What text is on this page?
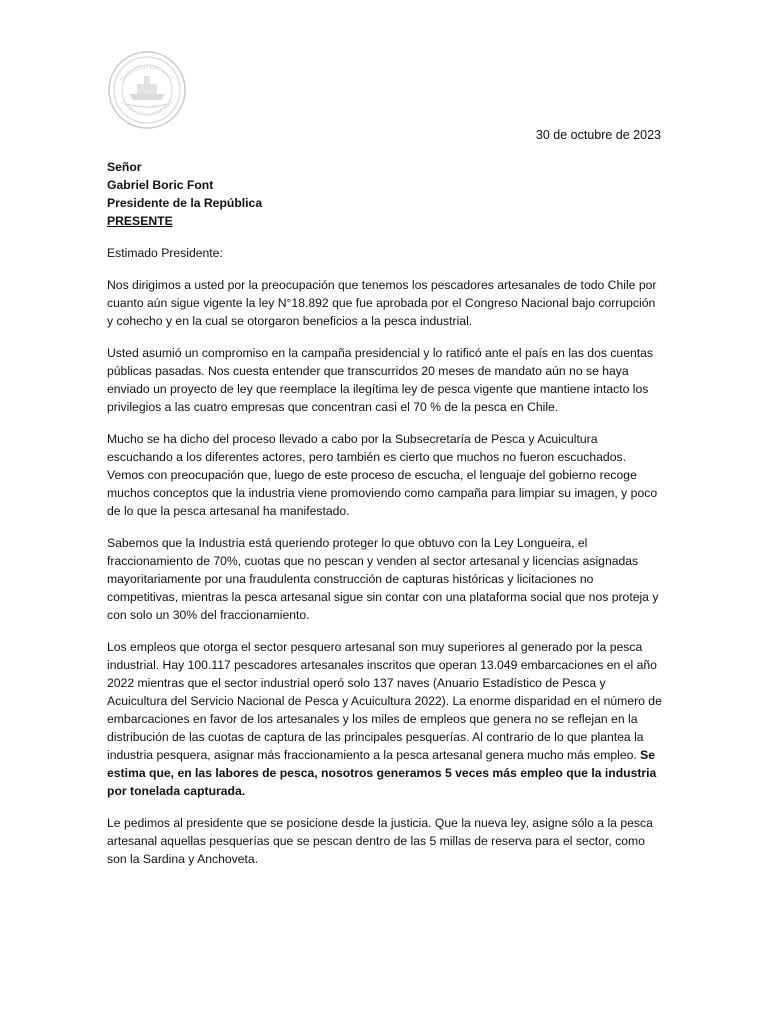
30 de octubre de 2023
Señor
Gabriel Boric Font
Presidente de la República
PRESENTE
Estimado Presidente:

Nos dirigimos a usted por la preocupación que tenemos los pescadores artesanales de todo Chile por cuanto aún sigue vigente la ley N°18.892 que fue aprobada por el Congreso Nacional bajo corrupción y cohecho y en la cual se otorgaron beneficios a la pesca industrial.

Usted asumió un compromiso en la campaña presidencial y lo ratificó ante el país en las dos cuentas públicas pasadas. Nos cuesta entender que transcurridos 20 meses de mandato aún no se haya enviado un proyecto de ley que reemplace la ilegítima ley de pesca vigente que mantiene intacto los privilegios a las cuatro empresas que concentran casi el 70 % de la pesca en Chile.

Mucho se ha dicho del proceso llevado a cabo por la Subsecretaría de Pesca y Acuicultura escuchando a los diferentes actores, pero también es cierto que muchos no fueron escuchados. Vemos con preocupación que, luego de este proceso de escucha, el lenguaje del gobierno recoge muchos conceptos que la industria viene promoviendo como campaña para limpiar su imagen, y poco de lo que la pesca artesanal ha manifestado.

Sabemos que la Industria está queriendo proteger lo que obtuvo con la Ley Longueira, el fraccionamiento de 70%, cuotas que no pescan y venden al sector artesanal y licencias asignadas mayoritariamente por una fraudulenta construcción de capturas históricas y licitaciones no competitivas, mientras la pesca artesanal sigue sin contar con una plataforma social que nos proteja y con solo un 30% del fraccionamiento.

Los empleos que otorga el sector pesquero artesanal son muy superiores al generado por la pesca industrial. Hay 100.117 pescadores artesanales inscritos que operan 13.049 embarcaciones en el año 2022 mientras que el sector industrial operó solo 137 naves (Anuario Estadístico de Pesca y Acuicultura del Servicio Nacional de Pesca y Acuicultura 2022). La enorme disparidad en el número de embarcaciones en favor de los artesanales y los miles de empleos que genera no se reflejan en la distribución de las cuotas de captura de las principales pesquerías. Al contrario de lo que plantea la industria pesquera, asignar más fraccionamiento a la pesca artesanal genera mucho más empleo. Se estima que, en las labores de pesca, nosotros generamos 5 veces más empleo que la industria por tonelada capturada.

Le pedimos al presidente que se posicione desde la justicia. Que la nueva ley, asigne sólo a la pesca artesanal aquellas pesquerías que se pescan dentro de las 5 millas de reserva para el sector, como son la Sardina y Anchoveta.
